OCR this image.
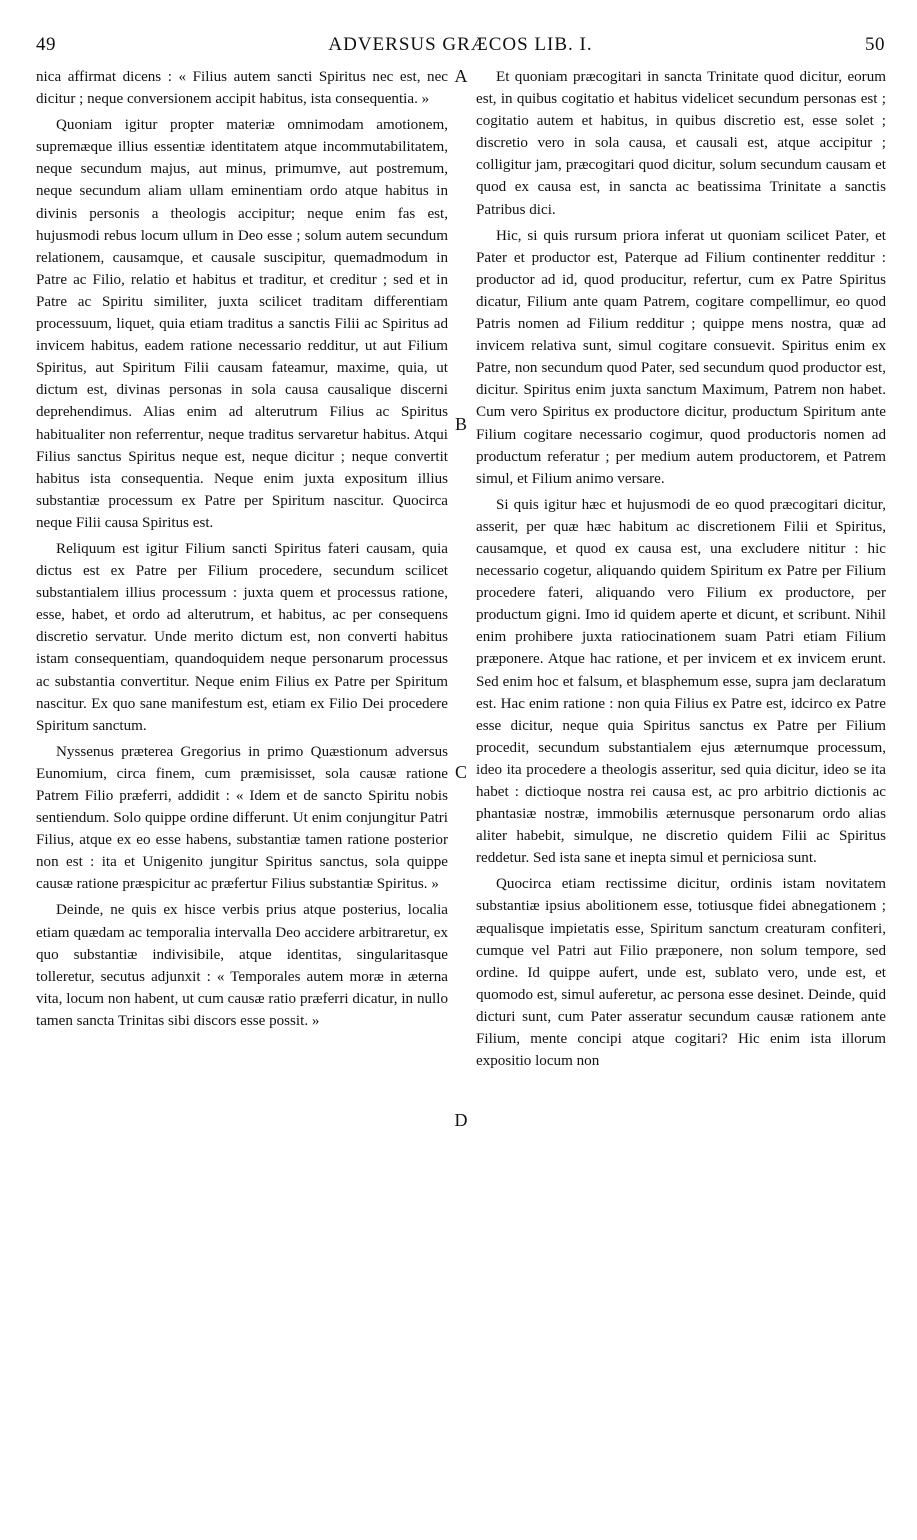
49	ADVERSUS GRÆCOS LIB. I.	50

nica affirmat dicens : « Filius autem sancti Spiritus nec est, nec dicitur ; neque conversionem accipit habitus, ista consequentia. »

Quoniam igitur propter materiæ omnimodam amotionem, supremæque illius essentiæ identitatem atque incommutabilitatem, neque secundum majus, aut minus, primumve, aut postremum, neque secundum aliam ullam eminentiam ordo atque habitus in divinis personis a theologis accipitur; neque enim fas est, hujusmodi rebus locum ullum in Deo esse ; solum autem secundum relationem, causamque, et causale suscipitur, quemadmodum in Patre ac Filio, relatio et habitus et traditur, et creditur ; sed et in Patre ac Spiritu similiter, juxta scilicet traditam differentiam processuum, liquet, quia etiam traditus a sanctis Filii ac Spiritus ad invicem habitus, eadem ratione necessario redditur, ut aut Filium Spiritus, aut Spiritum Filii causam fateamur, maxime, quia, ut dictum est, divinas personas in sola causa causalique discerni deprehendimus. Alias enim ad alterutrum Filius ac Spiritus habitualiter non referrentur, neque traditus servaretur habitus. Atqui Filius sanctus Spiritus neque est, neque dicitur ; neque convertit habitus ista consequentia. Neque enim juxta expositum illius substantiæ processum ex Patre per Spiritum nascitur. Quocirca neque Filii causa Spiritus est.

Reliquum est igitur Filium sancti Spiritus fateri causam, quia dictus est ex Patre per Filium procedere, secundum scilicet substantialem illius processum : juxta quem et processus ratione, esse, habet, et ordo ad alterutrum, et habitus, ac per consequens discretio servatur. Unde merito dictum est, non converti habitus istam consequentiam, quandoquidem neque personarum processus ac substantia convertitur. Neque enim Filius ex Patre per Spiritum nascitur. Ex quo sane manifestum est, etiam ex Filio Dei procedere Spiritum sanctum.

Nyssenus præterea Gregorius in primo Quæstionum adversus Eunomium, circa finem, cum præmisisset, sola causæ ratione Patrem Filio præferri, addidit : « Idem et de sancto Spiritu nobis sentiendum. Solo quippe ordine differunt. Ut enim conjungitur Patri Filius, atque ex eo esse habens, substantiæ tamen ratione posterior non est : ita et Unigenito jungitur Spiritus sanctus, sola quippe causæ ratione præspicitur ac præfertur Filius substantiæ Spiritus. »

Deinde, ne quis ex hisce verbis prius atque posterius, localia etiam quædam ac temporalia intervalla Deo accidere arbitraretur, ex quo substantiæ indivisibile, atque identitas, singularitasque tolleretur, secutus adjunxit : « Temporales autem moræ in æterna vita, locum non habent, ut cum causæ ratio præferri dicatur, in nullo tamen sancta Trinitas sibi discors esse possit. »

A
B
C
D

Et quoniam præcogitari in sancta Trinitate quod dicitur, eorum est, in quibus cogitatio et habitus videlicet secundum personas est ; cogitatio autem et habitus, in quibus discretio est, esse solet ; discretio vero in sola causa, et causali est, atque accipitur ; colligitur jam, præcogitari quod dicitur, solum secundum causam et quod ex causa est, in sancta ac beatissima Trinitate a sanctis Patribus dici.

Hic, si quis rursum priora inferat ut quoniam scilicet Pater, et Pater et productor est, Paterque ad Filium continenter redditur : productor ad id, quod producitur, refertur, cum ex Patre Spiritus dicatur, Filium ante quam Patrem, cogitare compellimur, eo quod Patris nomen ad Filium redditur ; quippe mens nostra, quæ ad invicem relativa sunt, simul cogitare consuevit. Spiritus enim ex Patre, non secundum quod Pater, sed secundum quod productor est, dicitur. Spiritus enim juxta sanctum Maximum, Patrem non habet. Cum vero Spiritus ex productore dicitur, productum Spiritum ante Filium cogitare necessario cogimur, quod productoris nomen ad productum referatur ; per medium autem productorem, et Patrem simul, et Filium animo versare.

Si quis igitur hæc et hujusmodi de eo quod præcogitari dicitur, asserit, per quæ hæc habitum ac discretionem Filii et Spiritus, causamque, et quod ex causa est, una excludere nititur : hic necessario cogetur, aliquando quidem Spiritum ex Patre per Filium procedere fateri, aliquando vero Filium ex productore, per productum gigni. Imo id quidem aperte et dicunt, et scribunt. Nihil enim prohibere juxta ratiocinationem suam Patri etiam Filium præponere. Atque hac ratione, et per invicem et ex invicem erunt. Sed enim hoc et falsum, et blasphemum esse, supra jam declaratum est. Hac enim ratione : non quia Filius ex Patre est, idcirco ex Patre esse dicitur, neque quia Spiritus sanctus ex Patre per Filium procedit, secundum substantialem ejus æternumque processum, ideo ita procedere a theologis asseritur, sed quia dicitur, ideo se ita habet : dictioque nostra rei causa est, ac pro arbitrio dictionis ac phantasiæ nostræ, immobilis æternusque personarum ordo alias aliter habebit, simulque, ne discretio quidem Filii ac Spiritus reddetur. Sed ista sane et inepta simul et perniciosa sunt.

Quocirca etiam rectissime dicitur, ordinis istam novitatem substantiæ ipsius abolitionem esse, totiusque fidei abnegationem ; æqualisque impietatis esse, Spiritum sanctum creaturam confiteri, cumque vel Patri aut Filio præponere, non solum tempore, sed ordine. Id quippe aufert, unde est, sublato vero, unde est, et quomodo est, simul auferetur, ac persona esse desinet. Deinde, quid dicturi sunt, cum Pater asseratur secundum causæ rationem ante Filium, mente concipi atque cogitari? Hic enim ista illorum expositio locum non
